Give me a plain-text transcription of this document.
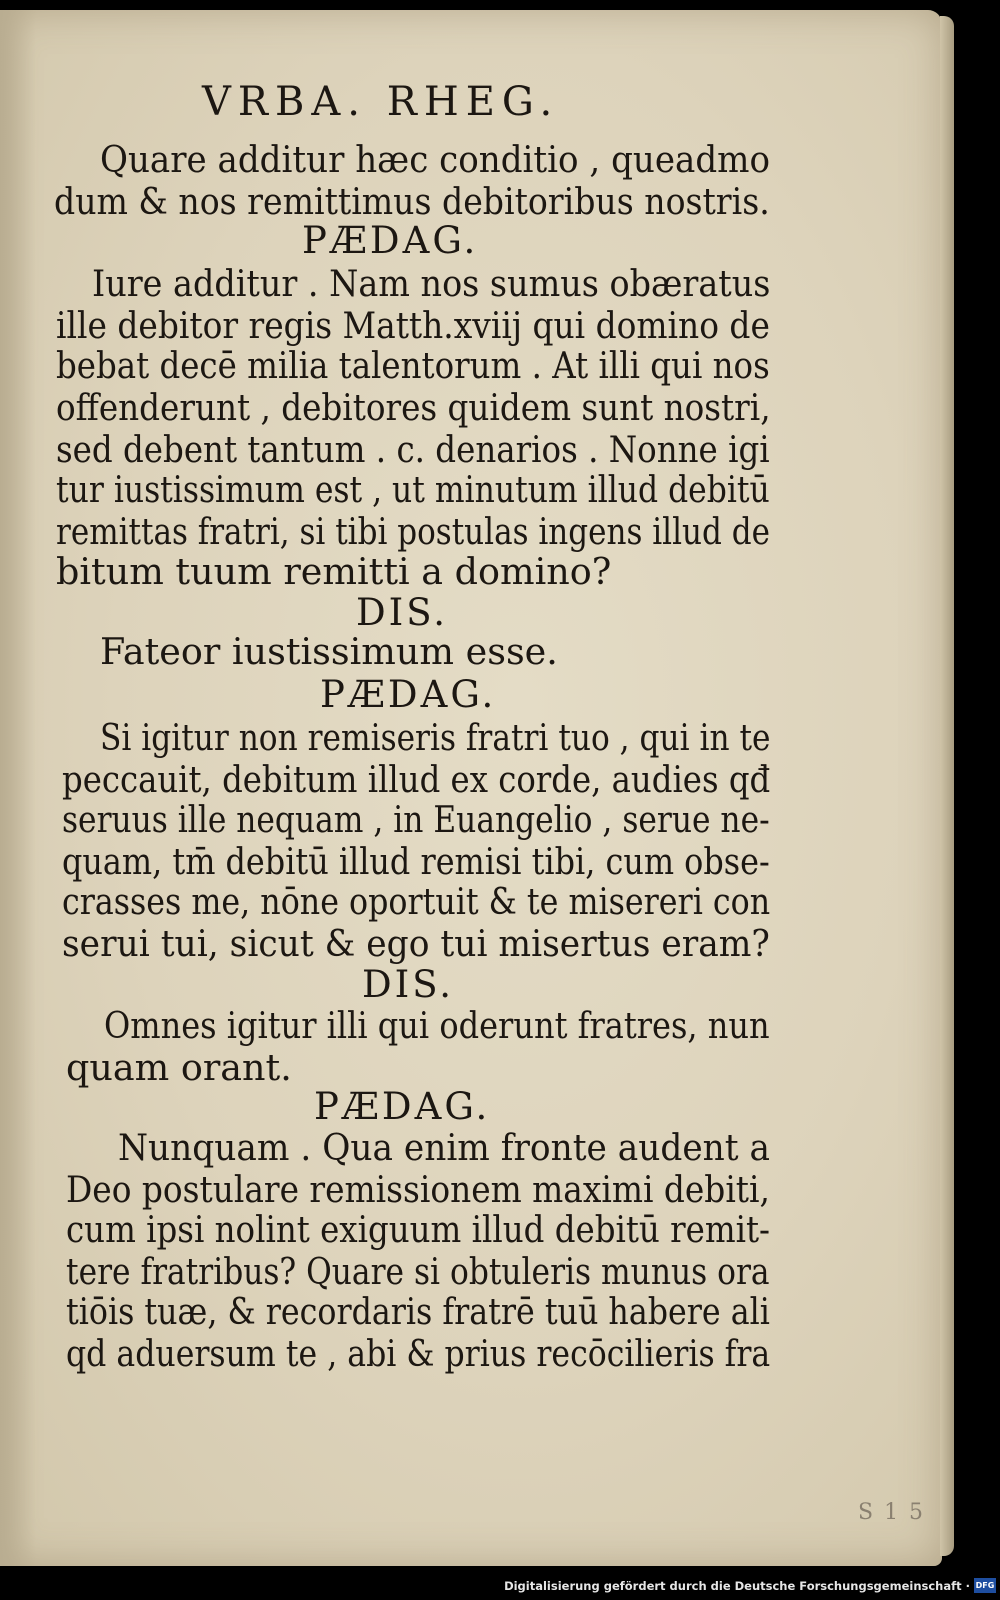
VRBA. RHEG.
Quare additur hæc conditio , queadmo
dum & nos remittimus debitoribus nostris.
PÆDAG.
Iure additur . Nam nos sumus obæratus
ille debitor regis Matth.xviij qui domino de
bebat decē milia talentorum . At illi qui nos
offenderunt , debitores quidem sunt nostri,
sed debent tantum . c. denarios . Nonne igi
tur iustissimum est , ut minutum illud debitū
remittas fratri, si tibi postulas ingens illud de
bitum tuum remitti a domino?
DIS.
Fateor iustissimum esse.
PÆDAG.
Si igitur non remiseris fratri tuo , qui in te
peccauit, debitum illud ex corde, audies qđ
seruus ille nequam , in Euangelio , serue ne-
quam, tm̄ debitū illud remisi tibi, cum obse-
crasses me, nōne oportuit & te misereri con
serui tui, sicut & ego tui misertus eram?
DIS.
Omnes igitur illi qui oderunt fratres, nun
quam orant.
PÆDAG.
Nunquam . Qua enim fronte audent a
Deo postulare remissionem maximi debiti,
cum ipsi nolint exiguum illud debitū remit-
tere fratribus? Quare si obtuleris munus ora
tiōis tuæ, & recordaris fratrē tuū habere ali
qd aduersum te , abi & prius recōcilieris fra
S 1 5
Digitalisierung gefördert durch die Deutsche Forschungsgemeinschaft · DFG
